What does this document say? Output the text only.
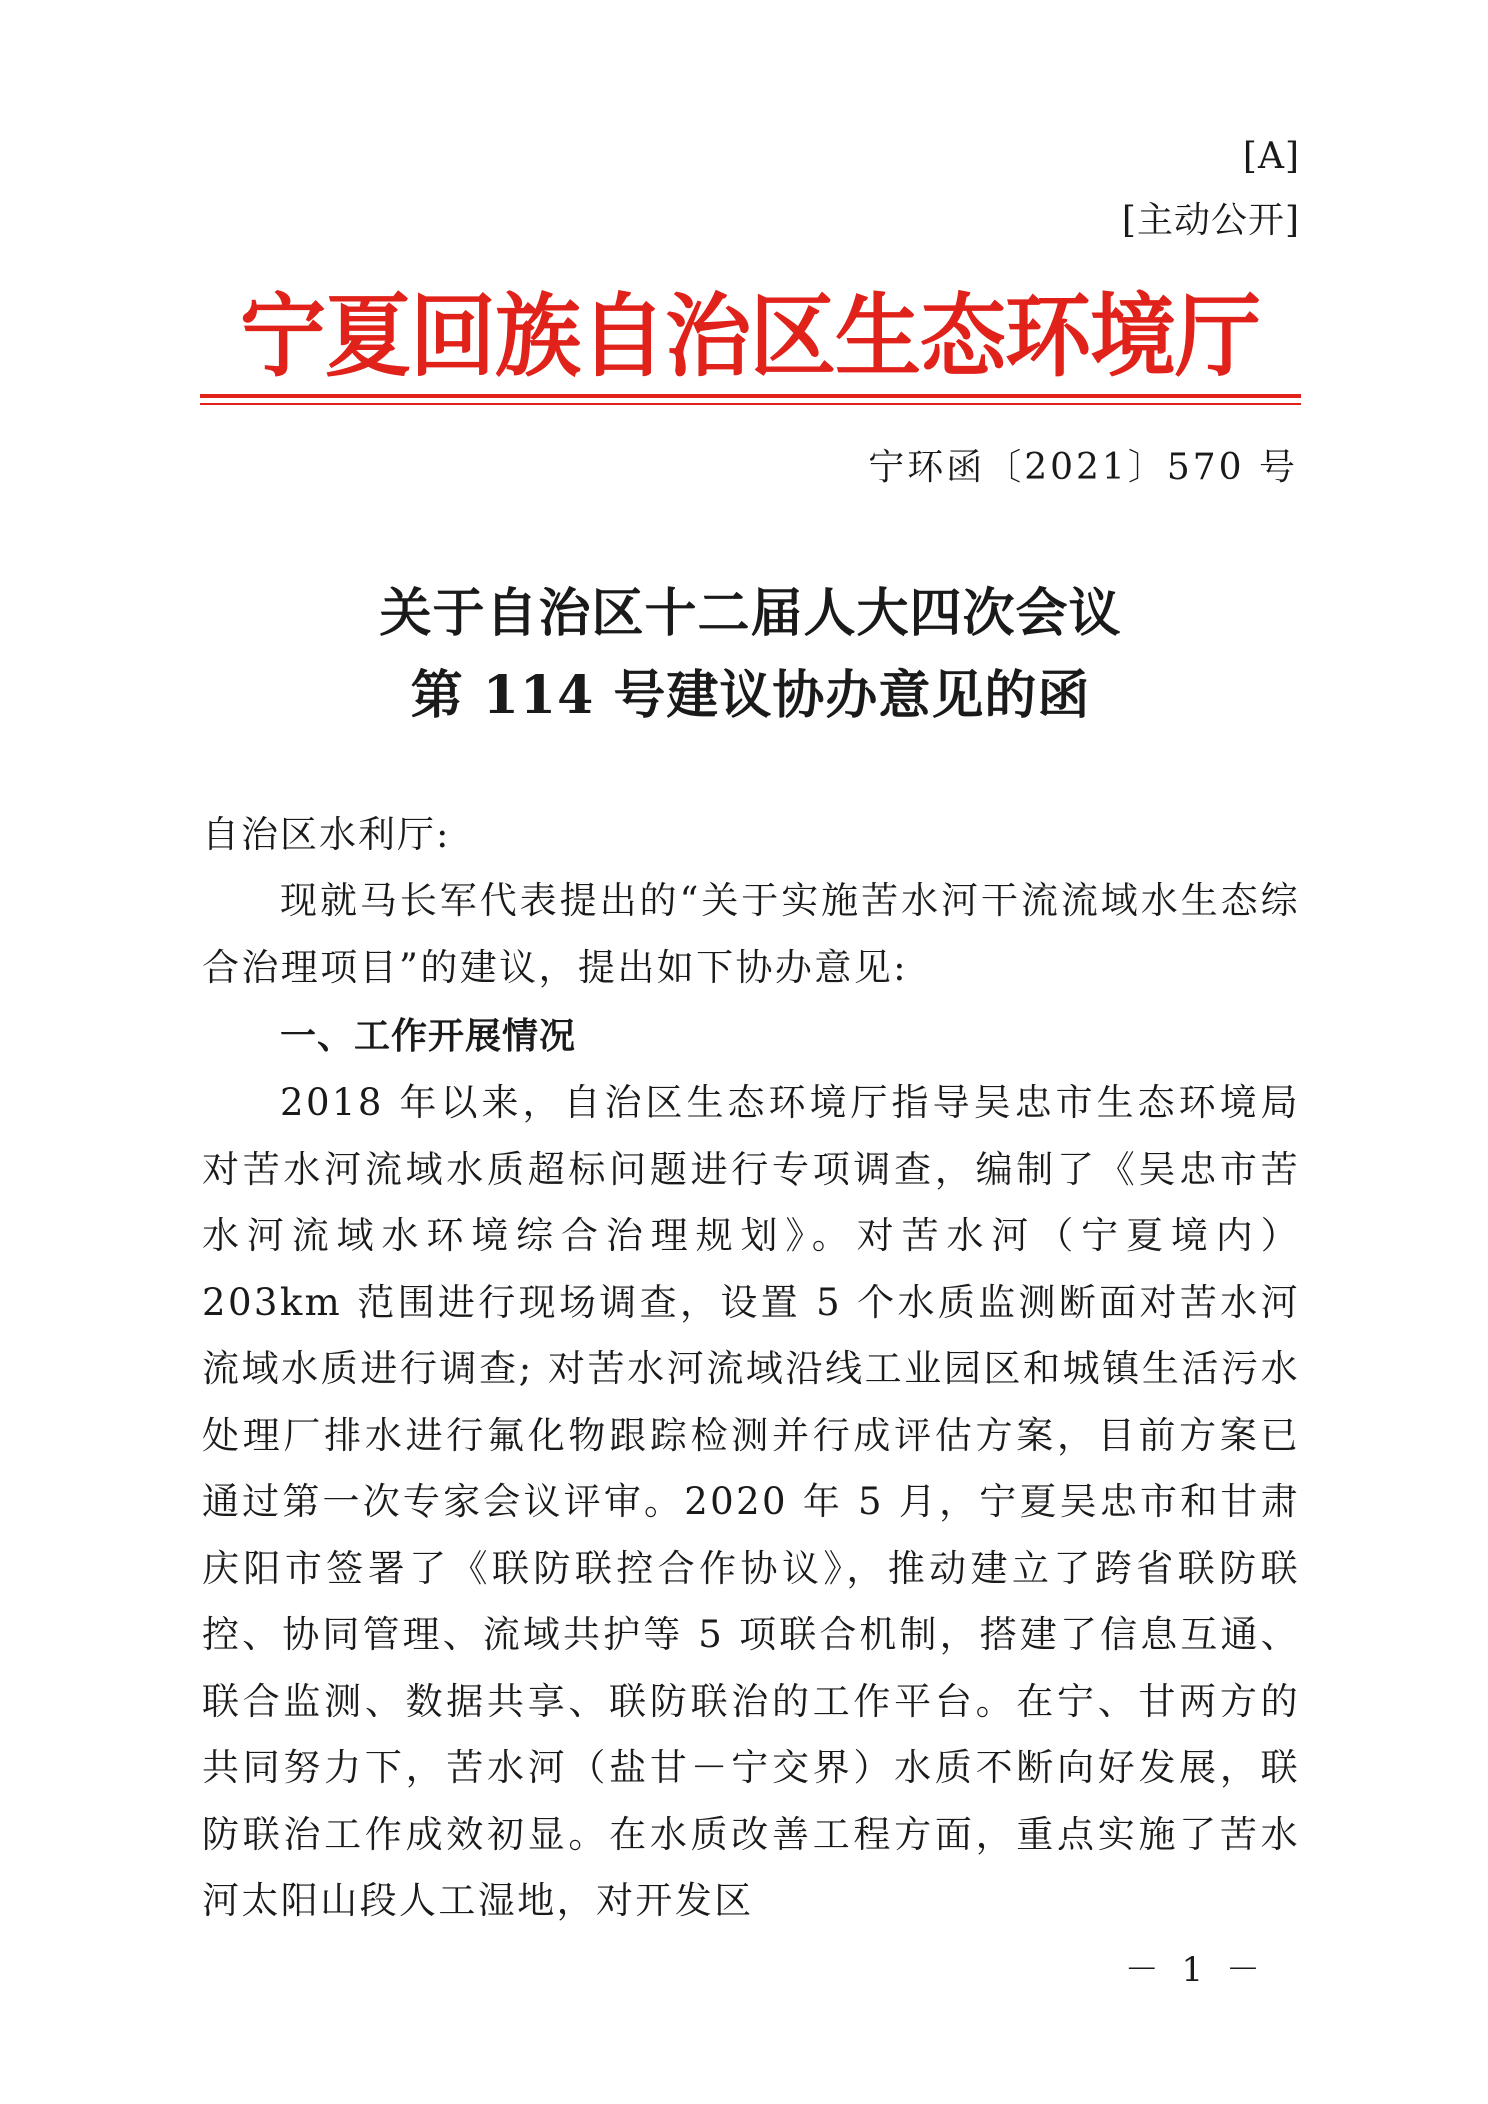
[A]
[主动公开]
宁夏回族自治区生态环境厅
宁环函〔2021〕570 号
关于自治区十二届人大四次会议
第 114 号建议协办意见的函
自治区水利厅:
现就马长军代表提出的“关于实施苦水河干流流域水生态综合治理项目”的建议，提出如下协办意见:
一、工作开展情况
2018 年以来，自治区生态环境厅指导吴忠市生态环境局对苦水河流域水质超标问题进行专项调查，编制了《吴忠市苦水河流域水环境综合治理规划》。对苦水河（宁夏境内）203km 范围进行现场调查，设置 5 个水质监测断面对苦水河流域水质进行调查; 对苦水河流域沿线工业园区和城镇生活污水处理厂排水进行氟化物跟踪检测并行成评估方案，目前方案已通过第一次专家会议评审。2020 年 5 月，宁夏吴忠市和甘肃庆阳市签署了《联防联控合作协议》，推动建立了跨省联防联控、协同管理、流域共护等 5 项联合机制，搭建了信息互通、联合监测、数据共享、联防联治的工作平台。在宁、甘两方的共同努力下，苦水河（盐甘－宁交界）水质不断向好发展，联防联治工作成效初显。在水质改善工程方面，重点实施了苦水河太阳山段人工湿地，对开发区
－ 1 －
